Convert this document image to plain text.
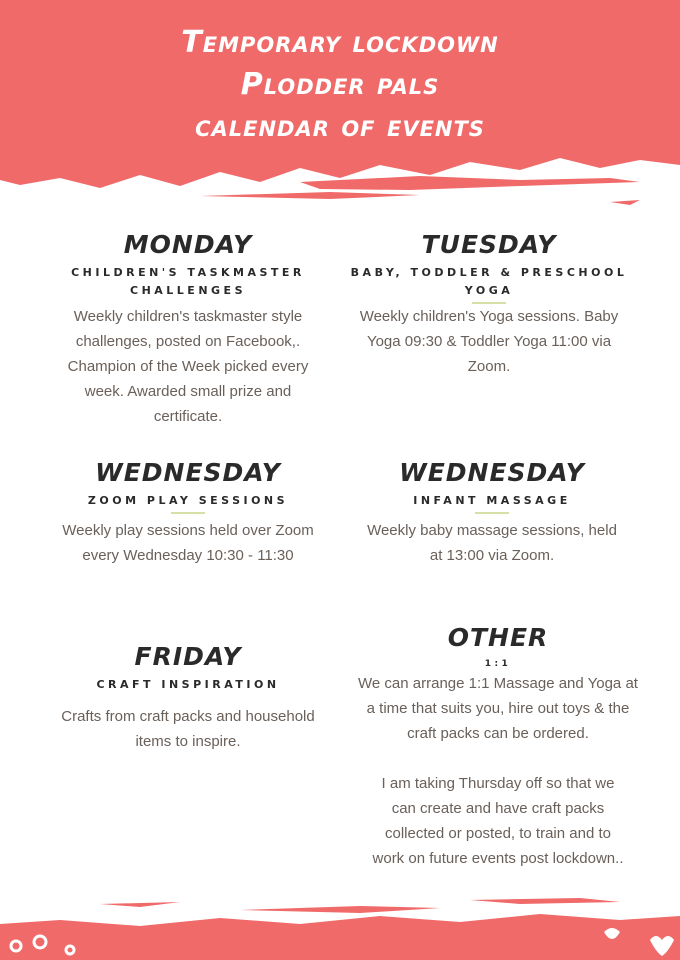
Temporary lockdown
Plodder pals
calendar of events
MONDAY
CHILDREN'S TASKMASTER CHALLENGES
Weekly children's taskmaster style challenges, posted on Facebook,. Champion of the Week picked every week. Awarded small prize and certificate.
TUESDAY
BABY, TODDLER & PRESCHOOL YOGA
Weekly children's Yoga sessions. Baby Yoga 09:30 & Toddler Yoga 11:00 via Zoom.
WEDNESDAY
ZOOM PLAY SESSIONS
Weekly play sessions held over Zoom every Wednesday 10:30 - 11:30
WEDNESDAY
INFANT MASSAGE
Weekly baby massage sessions, held at 13:00 via Zoom.
FRIDAY
CRAFT INSPIRATION
Crafts from craft packs and household items to inspire.
OTHER
1:1
We can arrange 1:1 Massage and Yoga at a time that suits you, hire out toys & the craft packs can be ordered.
I am taking Thursday off so that we can create and have craft packs collected or posted, to train and to work on future events post lockdown..
